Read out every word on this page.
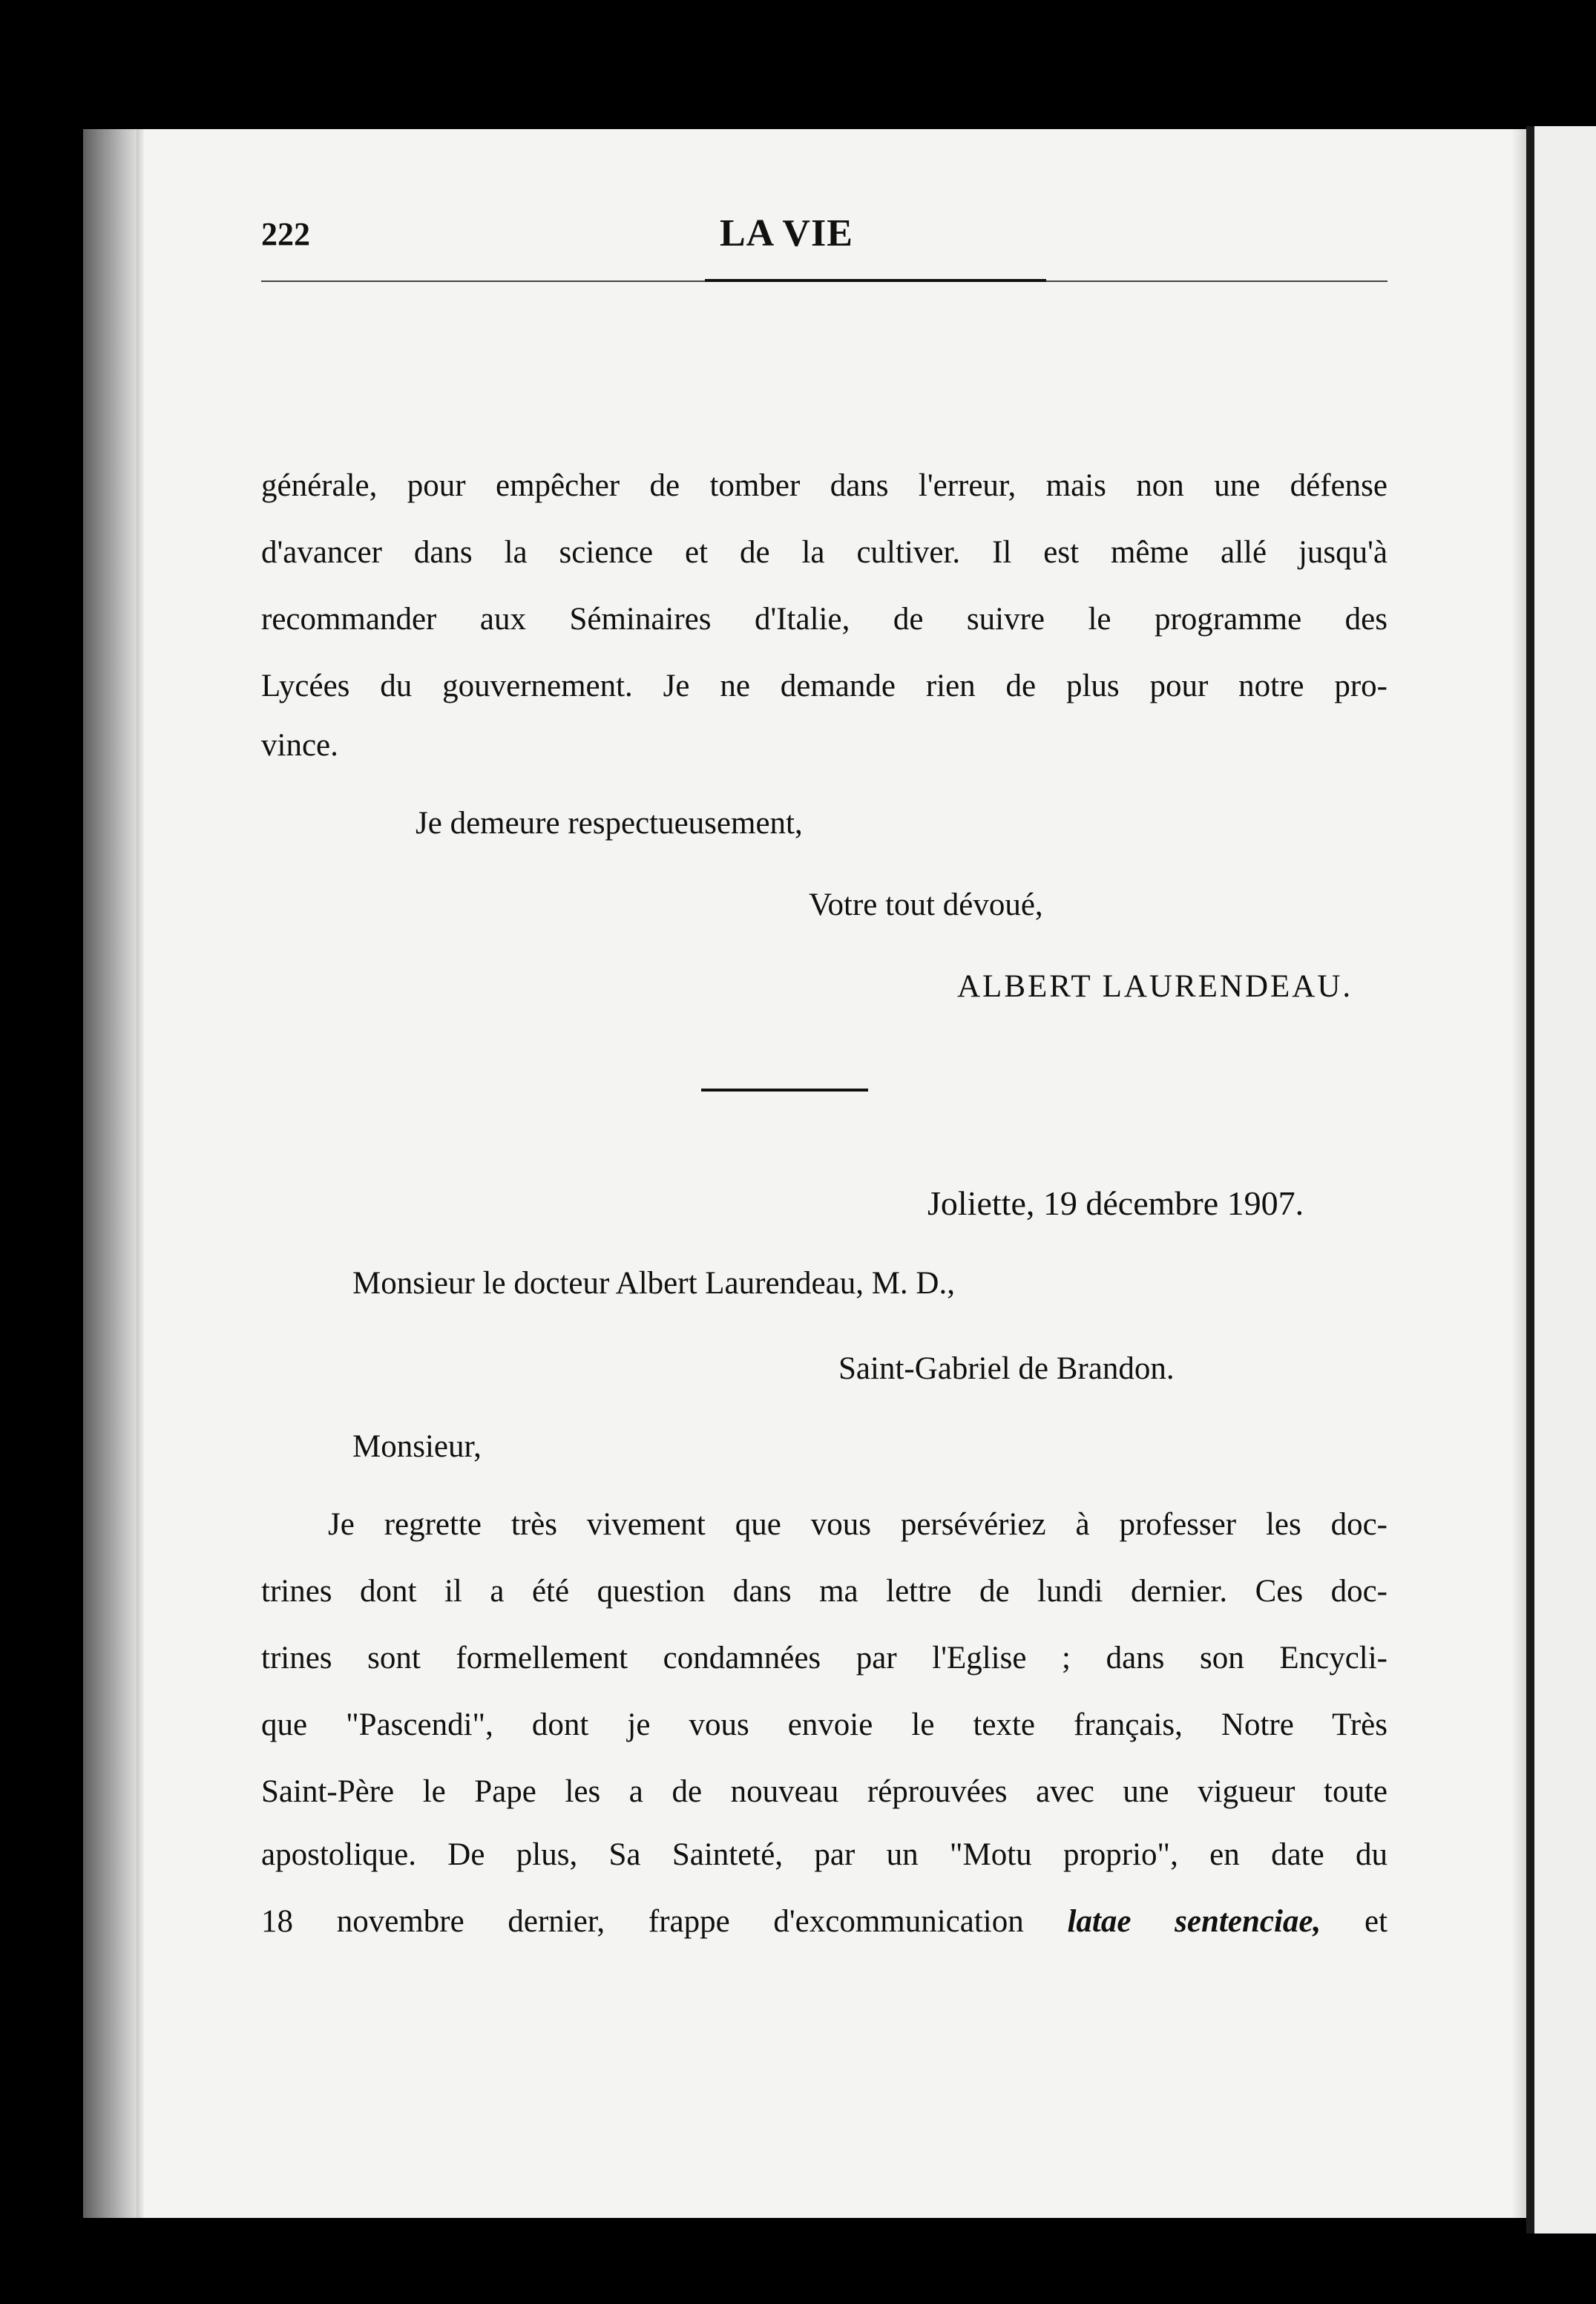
222	LA VIE

générale, pour empêcher de tomber dans l'erreur, mais non une défense

d'avancer dans la science et de la cultiver. Il est même allé jusqu'à

recommander aux Séminaires d'Italie, de suivre le programme des

Lycées du gouvernement. Je ne demande rien de plus pour notre pro-

vince.

Je demeure respectueusement,
Votre tout dévoué,
ALBERT LAURENDEAU.
Joliette, 19 décembre 1907.
Monsieur le docteur Albert Laurendeau, M. D.,
Saint-Gabriel de Brandon.
Monsieur,

Je regrette très vivement que vous persévériez à professer les doc-

trines dont il a été question dans ma lettre de lundi dernier. Ces doc-

trines sont formellement condamnées par l'Eglise ; dans son Encycli-

que "Pascendi", dont je vous envoie le texte français, Notre Très

Saint-Père le Pape les a de nouveau réprouvées avec une vigueur toute

apostolique. De plus, Sa Sainteté, par un "Motu proprio", en date du

18 novembre dernier, frappe d'excommunication latae sentenciae, et
